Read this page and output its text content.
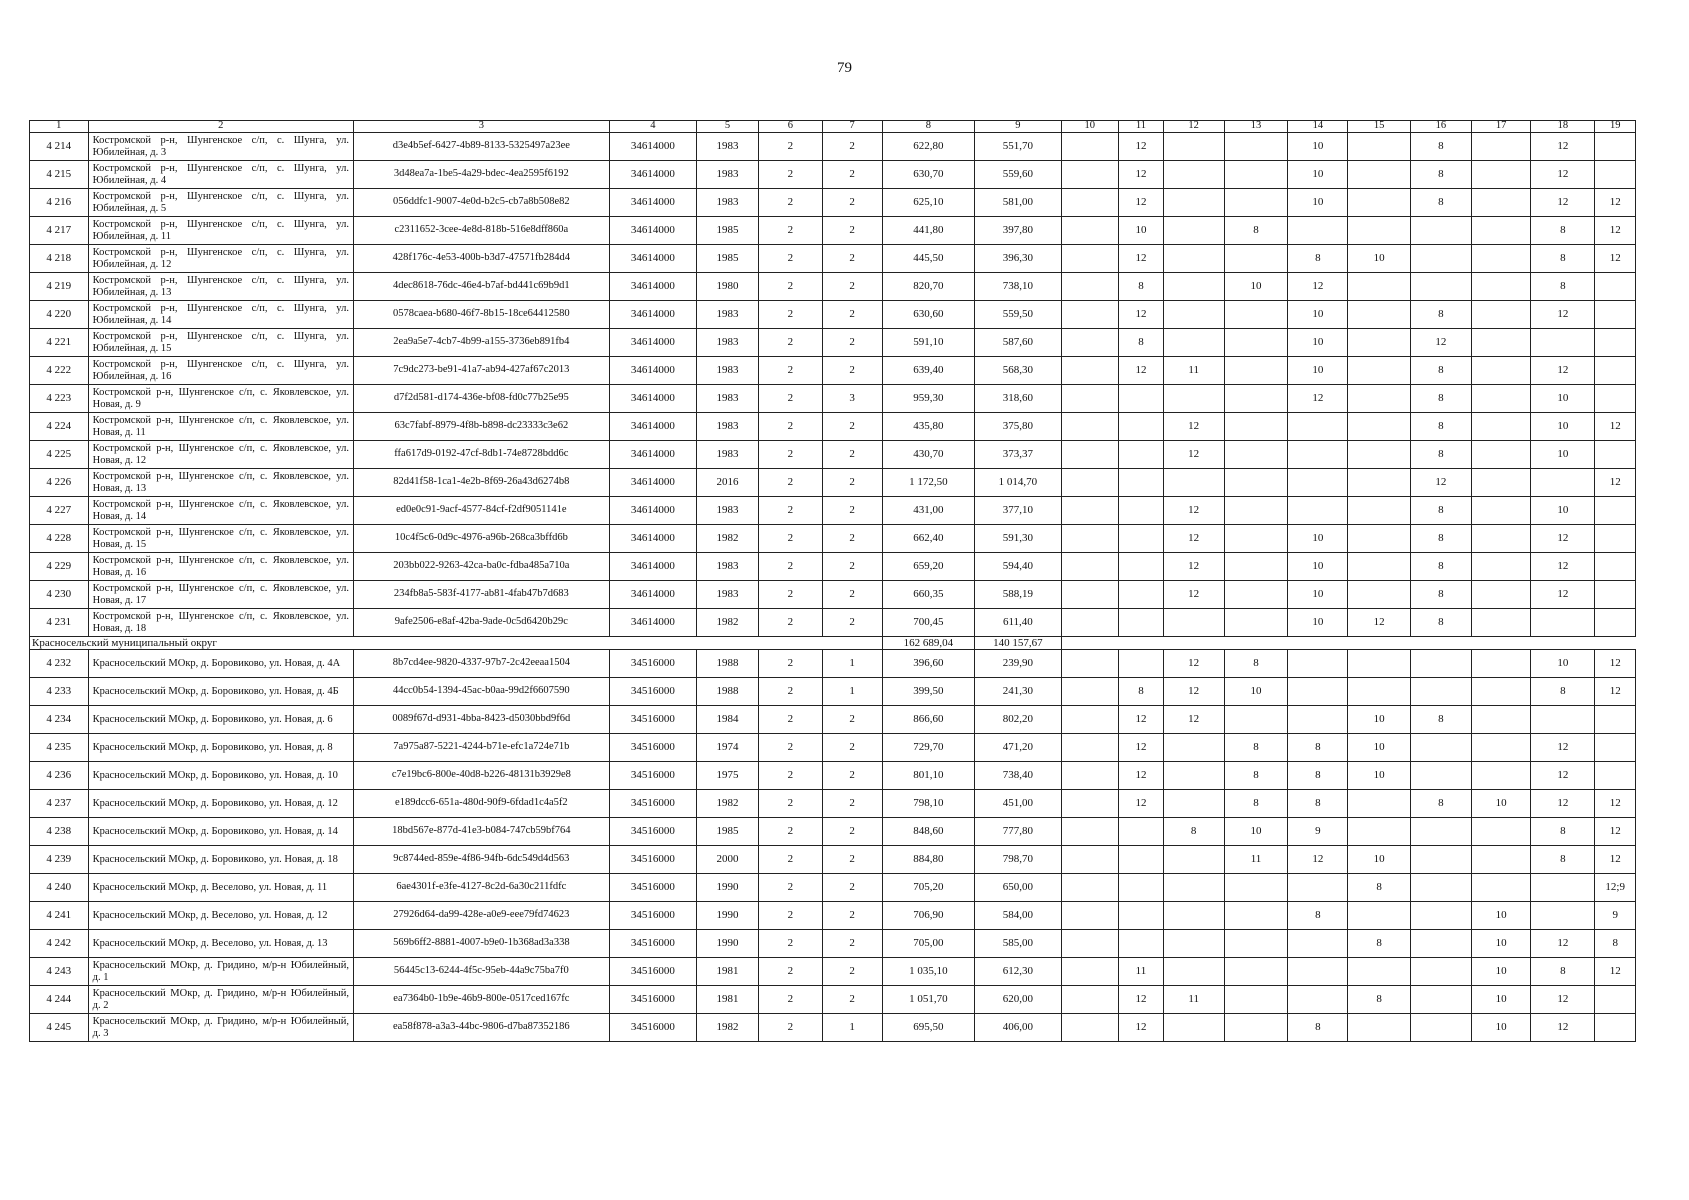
79
1	2	3	4	5	6	7	8	9	10	11	12	13	14	15	16	17	18	19
4 214	Костромской р-н, Шунгенское с/п, с. Шунга, ул. Юбилейная, д. 3	d3e4b5ef-6427-4b89-8133-5325497a23ee	34614000	1983	2	2	622,80	551,70		12			10		8		12	
4 215	Костромской р-н, Шунгенское с/п, с. Шунга, ул. Юбилейная, д. 4	3d48ea7a-1be5-4a29-bdec-4ea2595f6192	34614000	1983	2	2	630,70	559,60		12			10		8		12	
4 216	Костромской р-н, Шунгенское с/п, с. Шунга, ул. Юбилейная, д. 5	056ddfc1-9007-4e0d-b2c5-cb7a8b508e82	34614000	1983	2	2	625,10	581,00		12			10		8		12	12
4 217	Костромской р-н, Шунгенское с/п, с. Шунга, ул. Юбилейная, д. 11	c2311652-3cee-4e8d-818b-516e8dff860a	34614000	1985	2	2	441,80	397,80		10		8					8	12
4 218	Костромской р-н, Шунгенское с/п, с. Шунга, ул. Юбилейная, д. 12	428f176c-4e53-400b-b3d7-47571fb284d4	34614000	1985	2	2	445,50	396,30		12			8	10			8	12
4 219	Костромской р-н, Шунгенское с/п, с. Шунга, ул. Юбилейная, д. 13	4dec8618-76dc-46e4-b7af-bd441c69b9d1	34614000	1980	2	2	820,70	738,10		8		10	12				8	
4 220	Костромской р-н, Шунгенское с/п, с. Шунга, ул. Юбилейная, д. 14	0578caea-b680-46f7-8b15-18ce64412580	34614000	1983	2	2	630,60	559,50		12			10		8		12	
4 221	Костромской р-н, Шунгенское с/п, с. Шунга, ул. Юбилейная, д. 15	2ea9a5e7-4cb7-4b99-a155-3736eb891fb4	34614000	1983	2	2	591,10	587,60		8			10		12			
4 222	Костромской р-н, Шунгенское с/п, с. Шунга, ул. Юбилейная, д. 16	7c9dc273-be91-41a7-ab94-427af67c2013	34614000	1983	2	2	639,40	568,30		12	11		10		8		12	
4 223	Костромской р-н, Шунгенское с/п, с. Яковлевское, ул. Новая, д. 9	d7f2d581-d174-436e-bf08-fd0c77b25e95	34614000	1983	2	3	959,30	318,60					12		8		10	
4 224	Костромской р-н, Шунгенское с/п, с. Яковлевское, ул. Новая, д. 11	63c7fabf-8979-4f8b-b898-dc23333c3e62	34614000	1983	2	2	435,80	375,80			12				8		10	12
4 225	Костромской р-н, Шунгенское с/п, с. Яковлевское, ул. Новая, д. 12	ffa617d9-0192-47cf-8db1-74e8728bdd6c	34614000	1983	2	2	430,70	373,37			12				8		10	
4 226	Костромской р-н, Шунгенское с/п, с. Яковлевское, ул. Новая, д. 13	82d41f58-1ca1-4e2b-8f69-26a43d6274b8	34614000	2016	2	2	1 172,50	1 014,70							12			12
4 227	Костромской р-н, Шунгенское с/п, с. Яковлевское, ул. Новая, д. 14	ed0e0c91-9acf-4577-84cf-f2df9051141e	34614000	1983	2	2	431,00	377,10			12				8		10	
4 228	Костромской р-н, Шунгенское с/п, с. Яковлевское, ул. Новая, д. 15	10c4f5c6-0d9c-4976-a96b-268ca3bffd6b	34614000	1982	2	2	662,40	591,30			12		10		8		12	
4 229	Костромской р-н, Шунгенское с/п, с. Яковлевское, ул. Новая, д. 16	203bb022-9263-42ca-ba0c-fdba485a710a	34614000	1983	2	2	659,20	594,40			12		10		8		12	
4 230	Костромской р-н, Шунгенское с/п, с. Яковлевское, ул. Новая, д. 17	234fb8a5-583f-4177-ab81-4fab47b7d683	34614000	1983	2	2	660,35	588,19			12		10		8		12	
4 231	Костромской р-н, Шунгенское с/п, с. Яковлевское, ул. Новая, д. 18	9afe2506-e8af-42ba-9ade-0c5d6420b29c	34614000	1982	2	2	700,45	611,40					10	12	8			
Красносельский муниципальный округ							162 689,04	140 157,67										
4 232	Красносельский МОкр, д. Боровиково, ул. Новая, д. 4А	8b7cd4ee-9820-4337-97b7-2c42eeaa1504	34516000	1988	2	1	396,60	239,90			12	8					10	12
4 233	Красносельский МОкр, д. Боровиково, ул. Новая, д. 4Б	44cc0b54-1394-45ac-b0aa-99d2f6607590	34516000	1988	2	1	399,50	241,30		8	12	10					8	12
4 234	Красносельский МОкр, д. Боровиково, ул. Новая, д. 6	0089f67d-d931-4bba-8423-d5030bbd9f6d	34516000	1984	2	2	866,60	802,20		12	12			10	8			
4 235	Красносельский МОкр, д. Боровиково, ул. Новая, д. 8	7a975a87-5221-4244-b71e-efc1a724e71b	34516000	1974	2	2	729,70	471,20		12		8	8	10			12	
4 236	Красносельский МОкр, д. Боровиково, ул. Новая, д. 10	c7e19bc6-800e-40d8-b226-48131b3929e8	34516000	1975	2	2	801,10	738,40		12		8	8	10			12	
4 237	Красносельский МОкр, д. Боровиково, ул. Новая, д. 12	e189dcc6-651a-480d-90f9-6fdad1c4a5f2	34516000	1982	2	2	798,10	451,00		12		8	8		8	10	12	12
4 238	Красносельский МОкр, д. Боровиково, ул. Новая, д. 14	18bd567e-877d-41e3-b084-747cb59bf764	34516000	1985	2	2	848,60	777,80			8	10	9				8	12
4 239	Красносельский МОкр, д. Боровиково, ул. Новая, д. 18	9c8744ed-859e-4f86-94fb-6dc549d4d563	34516000	2000	2	2	884,80	798,70				11	12	10			8	12
4 240	Красносельский МОкр, д. Веселово, ул. Новая, д. 11	6ae4301f-e3fe-4127-8c2d-6a30c211fdfc	34516000	1990	2	2	705,20	650,00						8				12;9
4 241	Красносельский МОкр, д. Веселово, ул. Новая, д. 12	27926d64-da99-428e-a0e9-eee79fd74623	34516000	1990	2	2	706,90	584,00					8			10		9
4 242	Красносельский МОкр, д. Веселово, ул. Новая, д. 13	569b6ff2-8881-4007-b9e0-1b368ad3a338	34516000	1990	2	2	705,00	585,00						8		10	12	8
4 243	Красносельский МОкр, д. Гридино, м/р-н Юбилейный, д. 1	56445c13-6244-4f5c-95eb-44a9c75ba7f0	34516000	1981	2	2	1 035,10	612,30		11						10	8	12
4 244	Красносельский МОкр, д. Гридино, м/р-н Юбилейный, д. 2	ea7364b0-1b9e-46b9-800e-0517ced167fc	34516000	1981	2	2	1 051,70	620,00		12	11			8		10	12	
4 245	Красносельский МОкр, д. Гридино, м/р-н Юбилейный, д. 3	ea58f878-a3a3-44bc-9806-d7ba87352186	34516000	1982	2	1	695,50	406,00		12			8			10	12	
